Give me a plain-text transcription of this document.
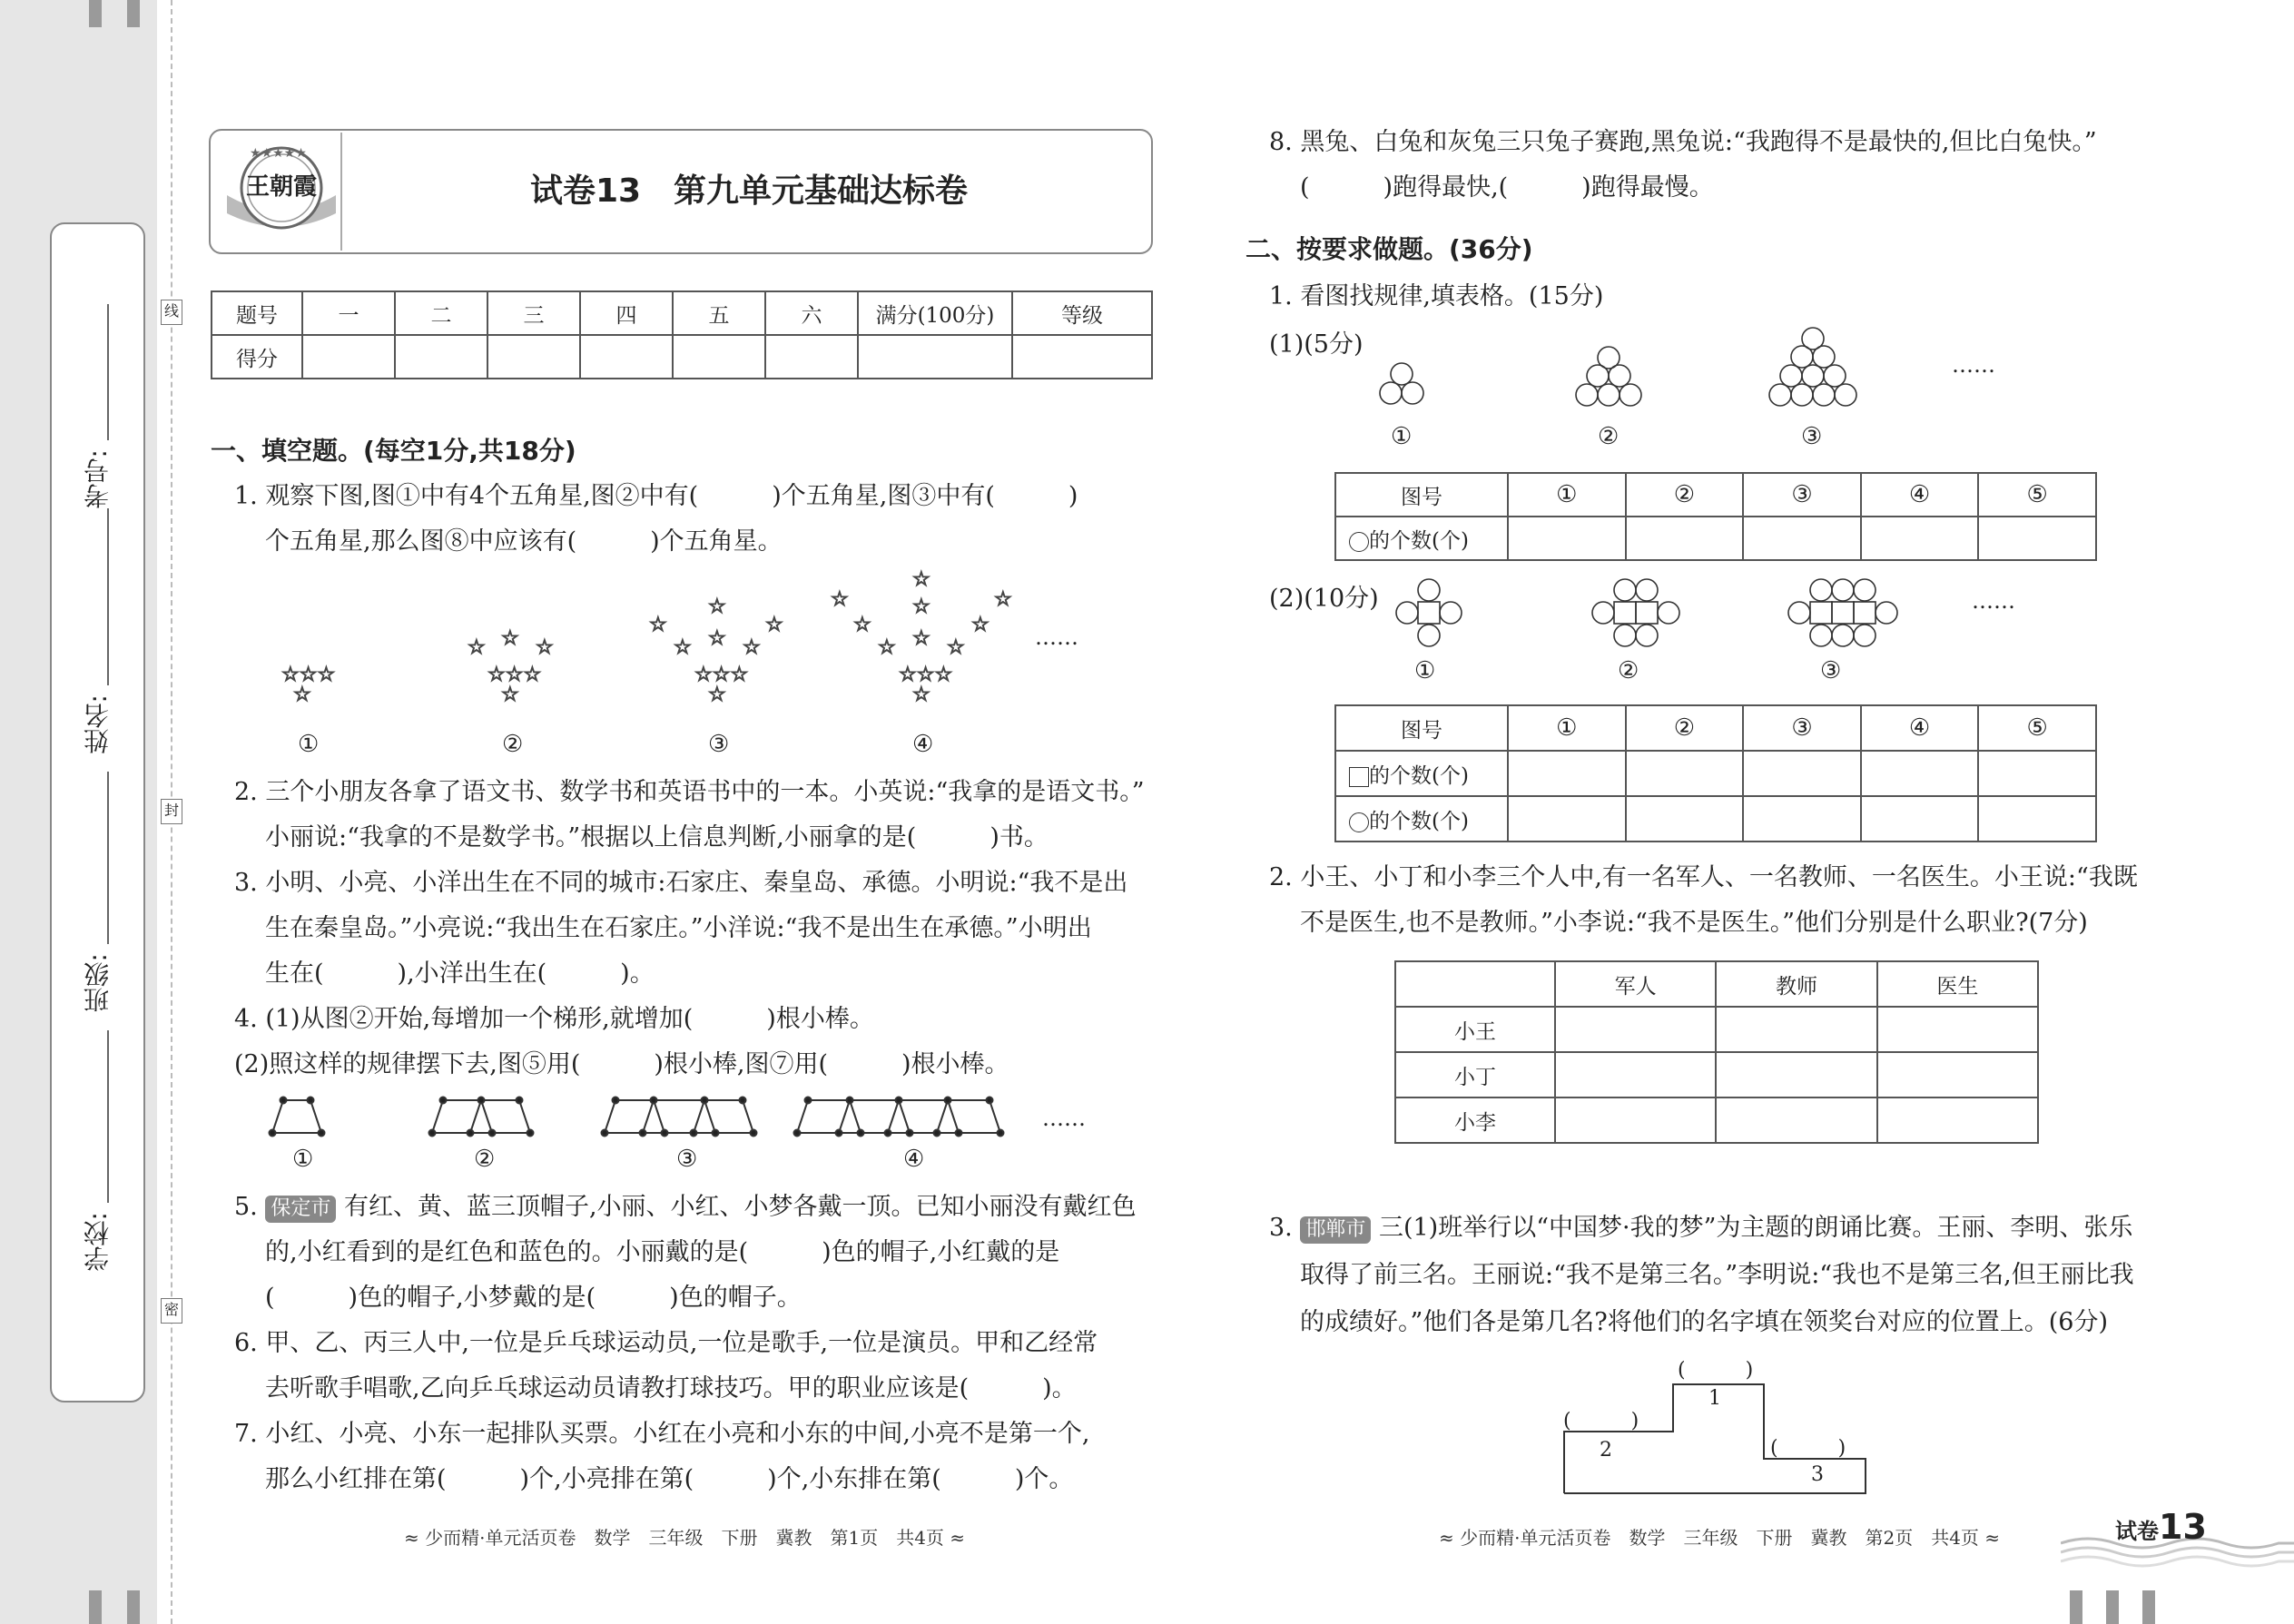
考号:
姓名:
班级:
学校:
线
封
密
★★★★★
王朝霞	试卷13　第九单元基础达标卷
题号	一	二	三	四	五	六	满分(100分)	等级
得分								
一、填空题。(每空1分,共18分)
1. 观察下图,图①中有4个五角星,图②中有(　　　)个五角星,图③中有(　　　)
个五角星,那么图⑧中应该有(　　　)个五角星。
☆☆☆
☆
☆ ☆ ☆
☆☆☆
☆
☆
☆
☆
☆ ☆ ☆
☆☆☆
☆
☆
☆
☆
☆
☆
☆
☆ ☆ ☆
☆☆☆
☆
①	②	③	④
……
2. 三个小朋友各拿了语文书、数学书和英语书中的一本。小英说:“我拿的是语文书。”
小丽说:“我拿的不是数学书。”根据以上信息判断,小丽拿的是(　　　)书。
3. 小明、小亮、小洋出生在不同的城市:石家庄、秦皇岛、承德。小明说:“我不是出
生在秦皇岛。”小亮说:“我出生在石家庄。”小洋说:“我不是出生在承德。”小明出
生在(　　　),小洋出生在(　　　)。
4. (1)从图②开始,每增加一个梯形,就增加(　　　)根小棒。
(2)照这样的规律摆下去,图⑤用(　　　)根小棒,图⑦用(　　　)根小棒。
……
①	②	③	④
5. 保定市 有红、黄、蓝三顶帽子,小丽、小红、小梦各戴一顶。已知小丽没有戴红色
的,小红看到的是红色和蓝色的。小丽戴的是(　　　)色的帽子,小红戴的是
(　　　)色的帽子,小梦戴的是(　　　)色的帽子。
6. 甲、乙、丙三人中,一位是乒乓球运动员,一位是歌手,一位是演员。甲和乙经常
去听歌手唱歌,乙向乒乓球运动员请教打球技巧。甲的职业应该是(　　　)。
7. 小红、小亮、小东一起排队买票。小红在小亮和小东的中间,小亮不是第一个,
那么小红排在第(　　　)个,小亮排在第(　　　)个,小东排在第(　　　)个。
≈ 少而精·单元活页卷　数学　三年级　下册　冀教　第1页　共4页 ≈
8. 黑兔、白兔和灰兔三只兔子赛跑,黑兔说:“我跑得不是最快的,但比白兔快。”
(　　　)跑得最快,(　　　)跑得最慢。
二、按要求做题。(36分)
1. 看图找规律,填表格。(15分)
(1)(5分)
……
①	②	③
图号	①	②	③	④	⑤
的个数(个)					
(2)(10分)	……
①	②	③
图号	①	②	③	④	⑤
的个数(个)					
的个数(个)					
2. 小王、小丁和小李三个人中,有一名军人、一名教师、一名医生。小王说:“我既
不是医生,也不是教师。”小李说:“我不是医生。”他们分别是什么职业?(7分)
	军人	教师	医生
小王			
小丁			
小李			
3. 邯郸市 三(1)班举行以“中国梦·我的梦”为主题的朗诵比赛。王丽、李明、张乐
取得了前三名。王丽说:“我不是第三名。”李明说:“我也不是第三名,但王丽比我
的成绩好。”他们各是第几名?将他们的名字填在领奖台对应的位置上。(6分)
(　　　)
(　　　)
(　　　)
1
2
3
≈ 少而精·单元活页卷　数学　三年级　下册　冀教　第2页　共4页 ≈	试卷13
